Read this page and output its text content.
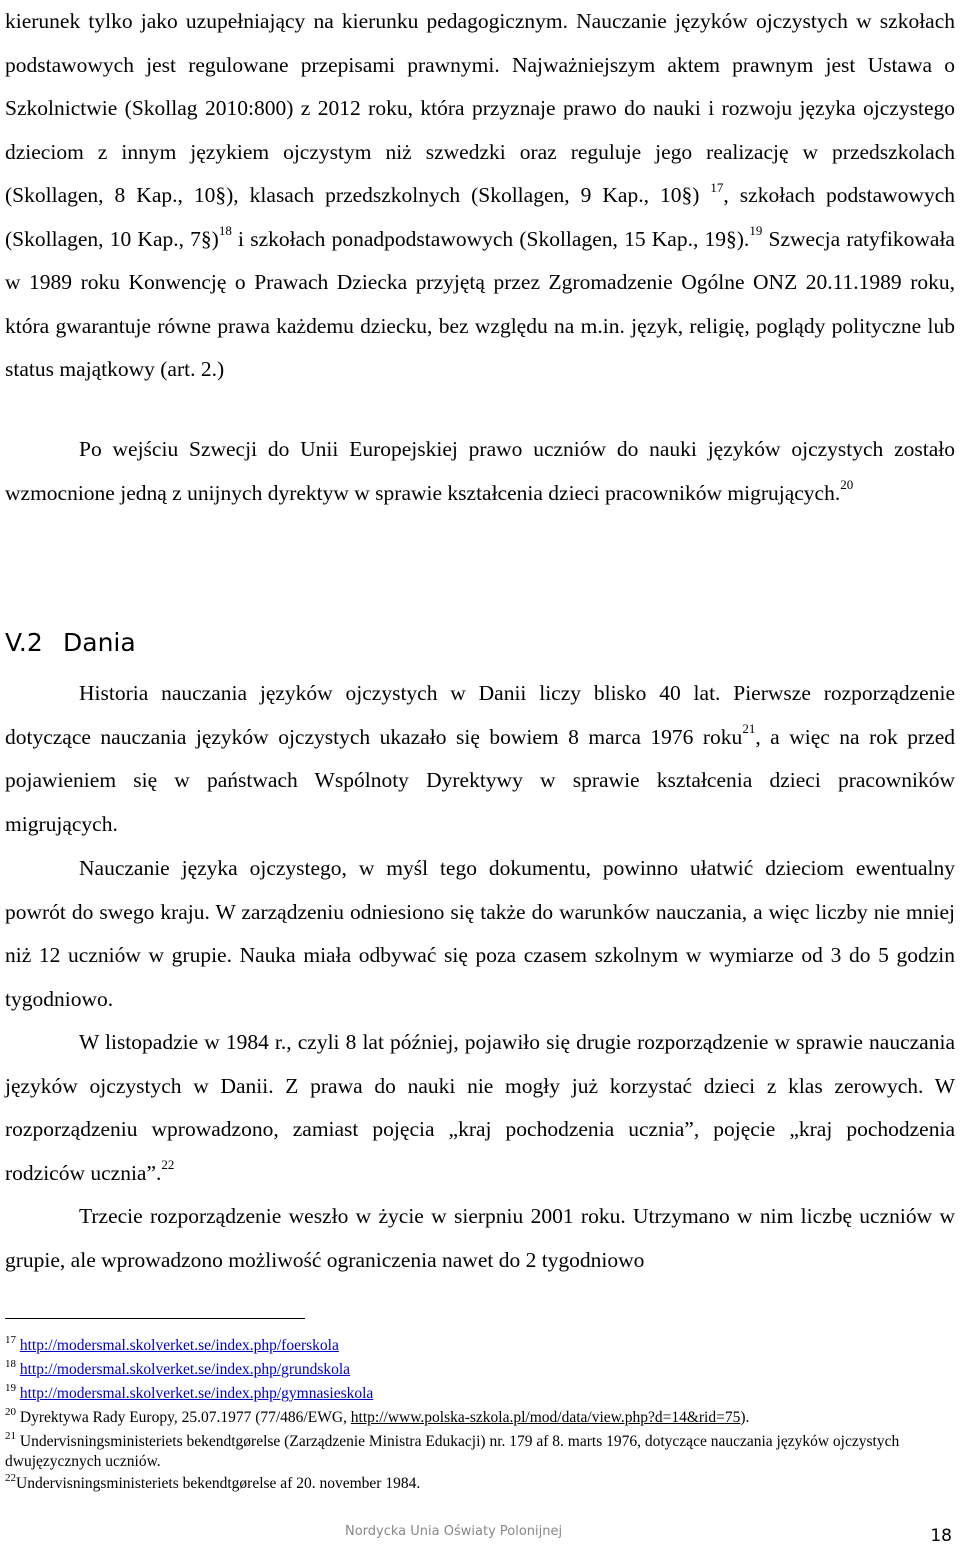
kierunek tylko jako uzupełniający na kierunku pedagogicznym. Nauczanie języków ojczystych w szkołach podstawowych jest regulowane przepisami prawnymi. Najważniejszym aktem prawnym jest Ustawa o Szkolnictwie (Skollag 2010:800) z 2012 roku, która przyznaje prawo do nauki i rozwoju języka ojczystego dzieciom z innym językiem ojczystym niż szwedzki oraz reguluje jego realizację w przedszkolach (Skollagen, 8 Kap., 10§), klasach przedszkolnych (Skollagen, 9 Kap., 10§) $^{17}$, szkołach podstawowych (Skollagen, 10 Kap., 7§)$^{18}$ i szkołach ponadpodstawowych (Skollagen, 15 Kap., 19§).$^{19}$ Szwecja ratyfikowała w 1989 roku Konwencję o Prawach Dziecka przyjętą przez Zgromadzenie Ogólne ONZ 20.11.1989 roku, która gwarantuje równe prawa każdemu dziecku, bez względu na m.in. język, religię, poglądy polityczne lub status majątkowy (art. 2.)

Po wejściu Szwecji do Unii Europejskiej prawo uczniów do nauki języków ojczystych zostało wzmocnione jedną z unijnych dyrektyw w sprawie kształcenia dzieci pracowników migrujących.$^{20}$

V.2 Dania

Historia nauczania języków ojczystych w Danii liczy blisko 40 lat. Pierwsze rozporządzenie dotyczące nauczania języków ojczystych ukazało się bowiem 8 marca 1976 roku$^{21}$, a więc na rok przed pojawieniem się w państwach Wspólnoty Dyrektywy w sprawie kształcenia dzieci pracowników migrujących.

Nauczanie języka ojczystego, w myśl tego dokumentu, powinno ułatwić dzieciom ewentualny powrót do swego kraju. W zarządzeniu odniesiono się także do warunków nauczania, a więc liczby nie mniej niż 12 uczniów w grupie. Nauka miała odbywać się poza czasem szkolnym w wymiarze od 3 do 5 godzin tygodniowo.

W listopadzie w 1984 r., czyli 8 lat później, pojawiło się drugie rozporządzenie w sprawie nauczania języków ojczystych w Danii. Z prawa do nauki nie mogły już korzystać dzieci z klas zerowych. W rozporządzeniu wprowadzono, zamiast pojęcia „kraj pochodzenia ucznia”, pojęcie „kraj pochodzenia rodziców ucznia”.$^{22}$

Trzecie rozporządzenie weszło w życie w sierpniu 2001 roku. Utrzymano w nim liczbę uczniów w grupie, ale wprowadzono możliwość ograniczenia nawet do 2 tygodniowo

$^{17}$ http://modersmal.skolverket.se/index.php/foerskola

$^{18}$ http://modersmal.skolverket.se/index.php/grundskola

$^{19}$ http://modersmal.skolverket.se/index.php/gymnasieskola

$^{20}$ Dyrektywa Rady Europy, 25.07.1977 (77/486/EWG, http://www.polska-szkola.pl/mod/data/view.php?d=14&rid=75).

$^{21}$ Undervisningsministeriets bekendtgørelse (Zarządzenie Ministra Edukacji) nr. 179 af 8. marts 1976, dotyczące nauczania języków ojczystych dwujęzycznych uczniów.

$^{22}$Undervisningsministeriets bekendtgørelse af 20. november 1984.

Nordycka Unia Oświaty Polonijnej	18
